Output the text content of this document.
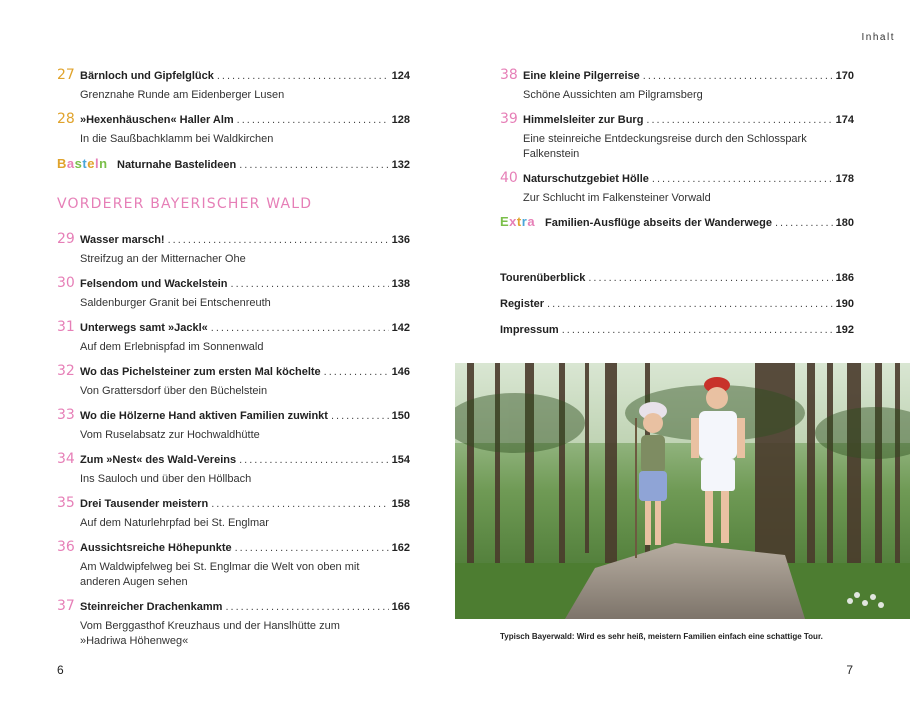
27 Bärnloch und Gipfelglück .....	124
Grenznahe Runde am Eidenberger Lusen
28 »Hexenhäuschen« Haller Alm .....	128
In die Saußbachklamm bei Waldkirchen
Basteln Naturnahe Bastelideen .....	132
VORDERER BAYERISCHER WALD
29 Wasser marsch! .....	136
Streifzug an der Mitternacher Ohe
30 Felsendom und Wackelstein .....	138
Saldenburger Granit bei Entschenreuth
31 Unterwegs samt »Jackl« .....	142
Auf dem Erlebnispfad im Sonnenwald
32 Wo das Pichelsteiner zum ersten Mal köchelte .....	146
Von Grattersdorf über den Büchelstein
33 Wo die Hölzerne Hand aktiven Familien zuwinkt .....	150
Vom Ruselabsatz zur Hochwaldhütte
34 Zum »Nest« des Wald-Vereins .....	154
Ins Sauloch und über den Höllbach
35 Drei Tausender meistern .....	158
Auf dem Naturlehrpfad bei St. Englmar
36 Aussichtsreiche Höhepunkte .....	162
Am Waldwipfelweg bei St. Englmar die Welt von oben mit anderen Augen sehen
37 Steinreicher Drachenkamm .....	166
Vom Berggasthof Kreuzhaus und der Hanslhütte zum »Hadriwa Höhenweg«
6
Inhalt
38 Eine kleine Pilgerreise .....	170
Schöne Aussichten am Pilgramsberg
39 Himmelsleiter zur Burg .....	174
Eine steinreiche Entdeckungsreise durch den Schlosspark Falkenstein
40 Naturschutzgebiet Hölle .....	178
Zur Schlucht im Falkensteiner Vorwald
Extra Familien-Ausflüge abseits der Wanderwege .....	180
Tourenüberblick .....	186
Register .....	190
Impressum .....	192
Typisch Bayerwald: Wird es sehr heiß, meistern Familien einfach eine schattige Tour.
7
